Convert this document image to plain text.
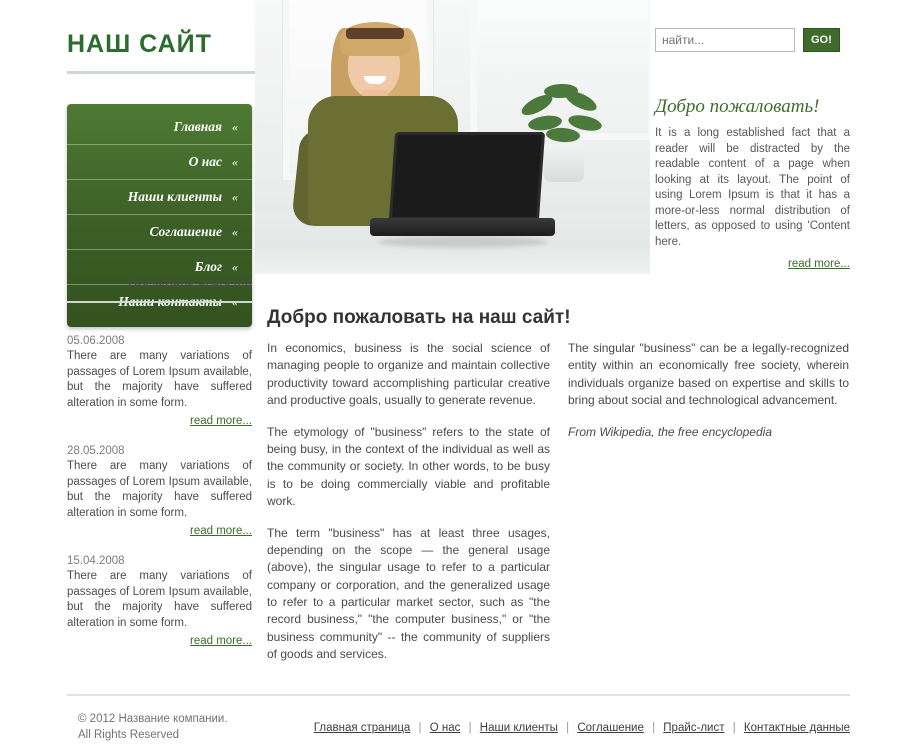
НАШ САЙТ
найти...	GO!
Добро пожаловать!

It is a long established fact that a reader will be distracted by the readable content of a page when looking at its layout. The point of using Lorem Ipsum is that it has a more-or-less normal distribution of letters, as opposed to using 'Content here.

read more...
Главная «
О нас «
Наши клиенты «
Соглашение «
Блог «
Наши контакты «
Последние новости
05.06.2008
There are many variations of passages of Lorem Ipsum available, but the majority have suffered alteration in some form.
read more...
28.05.2008
There are many variations of passages of Lorem Ipsum available, but the majority have suffered alteration in some form.
read more...
15.04.2008
There are many variations of passages of Lorem Ipsum available, but the majority have suffered alteration in some form.
read more...
Добро пожаловать на наш сайт!

In economics, business is the social science of managing people to organize and maintain collective productivity toward accomplishing particular creative and productive goals, usually to generate revenue.

The etymology of "business" refers to the state of being busy, in the context of the individual as well as the community or society. In other words, to be busy is to be doing commercially viable and profitable work.

The term "business" has at least three usages, depending on the scope — the general usage (above), the singular usage to refer to a particular company or corporation, and the generalized usage to refer to a particular market sector, such as "the record business," "the computer business," or "the business community" -- the community of suppliers of goods and services.

The singular "business" can be a legally-recognized entity within an economically free society, wherein individuals organize based on expertise and skills to bring about social and technological advancement.

From Wikipedia, the free encyclopedia

© 2012 Название компании.
All Rights Reserved
Главная страница | О нас | Наши клиенты | Соглашение | Прайс-лист | Контактные данные
